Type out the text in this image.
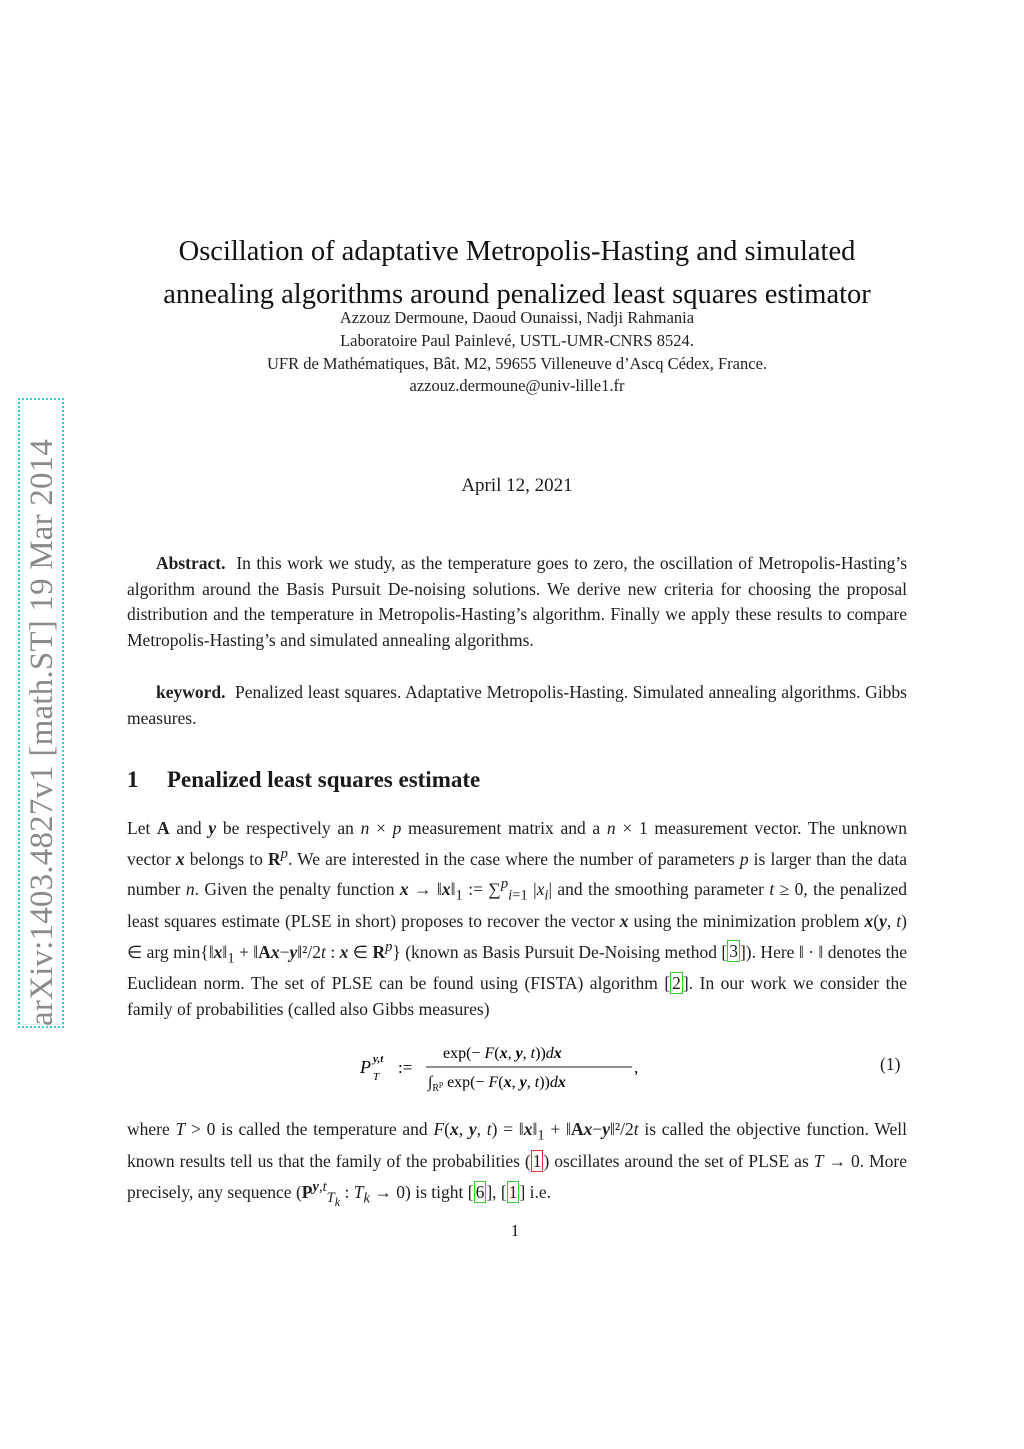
arXiv:1403.4827v1 [math.ST] 19 Mar 2014
Oscillation of adaptative Metropolis-Hasting and simulated
annealing algorithms around penalized least squares estimator
Azzouz Dermoune, Daoud Ounaissi, Nadji Rahmania
Laboratoire Paul Painlevé, USTL-UMR-CNRS 8524.
UFR de Mathématiques, Bât. M2, 59655 Villeneuve d’Ascq Cédex, France.
azzouz.dermoune@univ-lille1.fr
April 12, 2021
Abstract. In this work we study, as the temperature goes to zero, the oscillation of Metropolis-Hasting’s algorithm around the Basis Pursuit De-noising solutions. We derive new criteria for choosing the proposal distribution and the temperature in Metropolis-Hasting’s algorithm. Finally we apply these results to compare Metropolis-Hasting’s and simulated annealing algorithms.
keyword. Penalized least squares. Adaptative Metropolis-Hasting. Simulated annealing algorithms. Gibbs measures.
1 Penalized least squares estimate
Let A and y be respectively an n × p measurement matrix and a n × 1 measurement vector. The unknown vector x belongs to $R^p$. We are interested in the case where the number of parameters p is larger than the data number n. Given the penalty function $x \to ‖x‖_1$ := ∑$^p_{i=1}$ $|x_i|$ and the smoothing parameter t ≥ 0, the penalized least squares estimate (PLSE in short) proposes to recover the vector x using the minimization problem x(y, t) ∈ arg $\min\{‖x‖_1$ + ‖Ax−y‖²/2t : x ∈ $R^p$} (known as Basis Pursuit De-Noising method [ 3 ]). Here ‖ · ‖ denotes the Euclidean norm. The set of PLSE can be found using (FISTA) algorithm [ 2 ]. In our work we consider the family of probabilities (called also Gibbs measures)
P y,t
T :=
exp(− F(x, y, t))dx
$\int_R^p$ exp(− F(x, y, t))dx
,	(1)
where T > 0 is called the temperature and F(x, y, $t) = ‖x‖_1$ + ‖Ax−y‖²/2t is called the objective function. Well known results tell us that the family of the probabilities ( 1 ) oscillates around the set of PLSE as T → 0. More precisely, any sequence ($P^{y,t}_{T_k}$ : $T_k \to 0$) is tight [ 6 ], [ 1 ] i.e.
1
